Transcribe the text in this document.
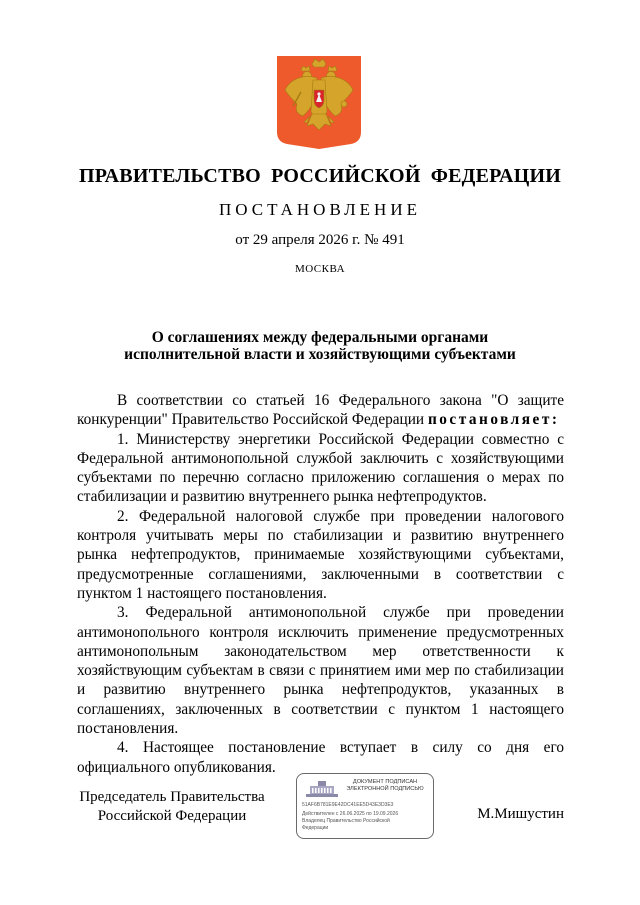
ПРАВИТЕЛЬСТВО РОССИЙСКОЙ ФЕДЕРАЦИИ
ПОСТАНОВЛЕНИЕ
от 29 апреля 2026 г. № 491
МОСКВА
О соглашениях между федеральными органами
исполнительной власти и хозяйствующими субъектами

В соответствии со статьей 16 Федерального закона "О защите конкуренции" Правительство Российской Федерации постановляет:

1. Министерству энергетики Российской Федерации совместно с Федеральной антимонопольной службой заключить с хозяйствующими субъектами по перечню согласно приложению соглашения о мерах по стабилизации и развитию внутреннего рынка нефтепродуктов.

2. Федеральной налоговой службе при проведении налогового контроля учитывать меры по стабилизации и развитию внутреннего рынка нефтепродуктов, принимаемые хозяйствующими субъектами, предусмотренные соглашениями, заключенными в соответствии с пунктом 1 настоящего постановления.

3. Федеральной антимонопольной службе при проведении антимонопольного контроля исключить применение предусмотренных антимонопольным законодательством мер ответственности к хозяйствующим субъектам в связи с принятием ими мер по стабилизации и развитию внутреннего рынка нефтепродуктов, указанных в соглашениях, заключенных в соответствии с пунктом 1 настоящего постановления.

4. Настоящее постановление вступает в силу со дня его официального опубликования.

Председатель Правительства
Российской Федерации
ДОКУМЕНТ ПОДПИСАН
ЭЛЕКТРОННОЙ ПОДПИСЬЮ
51AF6B781E9E42DC41EE5D43E3D3E3
Действителен с 26.06.2025 по 19.09.2026
Владелец Правительство Российской
Федерации
М.Мишустин
